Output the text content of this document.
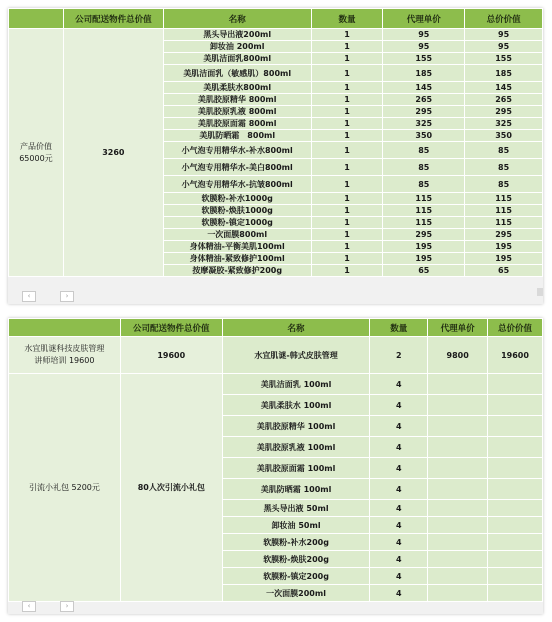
	公司配送物件总价值	名称	数量	代理单价	总价价值

产品价值
65000元	3260	黑头导出液200ml	1	95	95
		卸妆油 200ml	1	95	95
		美肌洁面乳800ml	1	155	155
		美肌洁面乳（敏感肌）800ml	1	185	185
		美肌柔肤水800ml	1	145	145
		美肌胶原精华 800ml	1	265	265
		美肌胶原乳液 800ml	1	295	295
		美肌胶原面霜 800ml	1	325	325
		美肌防晒霜　800ml	1	350	350
		小气泡专用精华水-补水800ml	1	85	85
		小气泡专用精华水-美白800ml	1	85	85
		小气泡专用精华水-抗皱800ml	1	85	85
		软膜粉-补水1000g	1	115	115
		软膜粉-焕肤1000g	1	115	115
		软膜粉-镇定1000g	1	115	115
		一次面膜800ml	1	295	295
		身体精油-平衡美肌100ml	1	195	195
		身体精油-紧致修护100ml	1	195	195
		按摩凝胶-紧致修护200g	1	65	65
‹	›
	公司配送物件总价值	名称	数量	代理单价	总价价值

水宜肌谜科技皮肤管理
讲师培训 19600	19600	水宜肌谜-韩式皮肤管理	2	9800	19600
引流小礼包 5200元	80人次引流小礼包	美肌洁面乳 100ml	4		
		美肌柔肤水 100ml	4		
		美肌胶原精华 100ml	4		
		美肌胶原乳液 100ml	4		
		美肌胶原面霜 100ml	4		
		美肌防晒霜 100ml	4		
		黑头导出液 50ml	4		
		卸妆油 50ml	4		
		软膜粉-补水200g	4		
		软膜粉-焕肤200g	4		
		软膜粉-镇定200g	4		
		一次面膜200ml	4		
‹	›
